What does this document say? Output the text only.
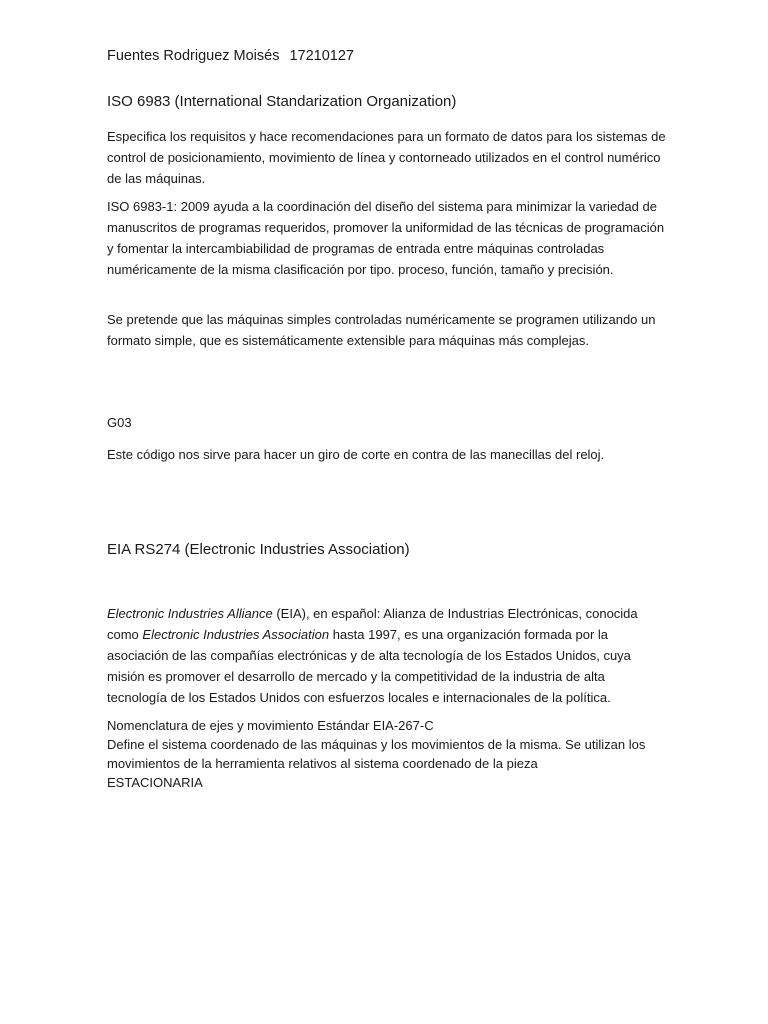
Fuentes Rodriguez Moisés 17210127
ISO 6983 (International Standarization Organization)

Especifica los requisitos y hace recomendaciones para un formato de datos para los sistemas de control de posicionamiento, movimiento de línea y contorneado utilizados en el control numérico de las máquinas.

ISO 6983-1: 2009 ayuda a la coordinación del diseño del sistema para minimizar la variedad de manuscritos de programas requeridos, promover la uniformidad de las técnicas de programación y fomentar la intercambiabilidad de programas de entrada entre máquinas controladas numéricamente de la misma clasificación por tipo. proceso, función, tamaño y precisión.

Se pretende que las máquinas simples controladas numéricamente se programen utilizando un formato simple, que es sistemáticamente extensible para máquinas más complejas.

G03

Este código nos sirve para hacer un giro de corte en contra de las manecillas del reloj.

EIA RS274 (Electronic Industries Association)

Electronic Industries Alliance (EIA), en español: Alianza de Industrias Electrónicas, conocida como Electronic Industries Association hasta 1997, es una organización formada por la asociación de las compañías electrónicas y de alta tecnología de los Estados Unidos, cuya misión es promover el desarrollo de mercado y la competitividad de la industria de alta tecnología de los Estados Unidos con esfuerzos locales e internacionales de la política.

Nomenclatura de ejes y movimiento Estándar EIA-267-C

Define el sistema coordenado de las máquinas y los movimientos de la misma. Se utilizan los movimientos de la herramienta relativos al sistema coordenado de la pieza

ESTACIONARIA
